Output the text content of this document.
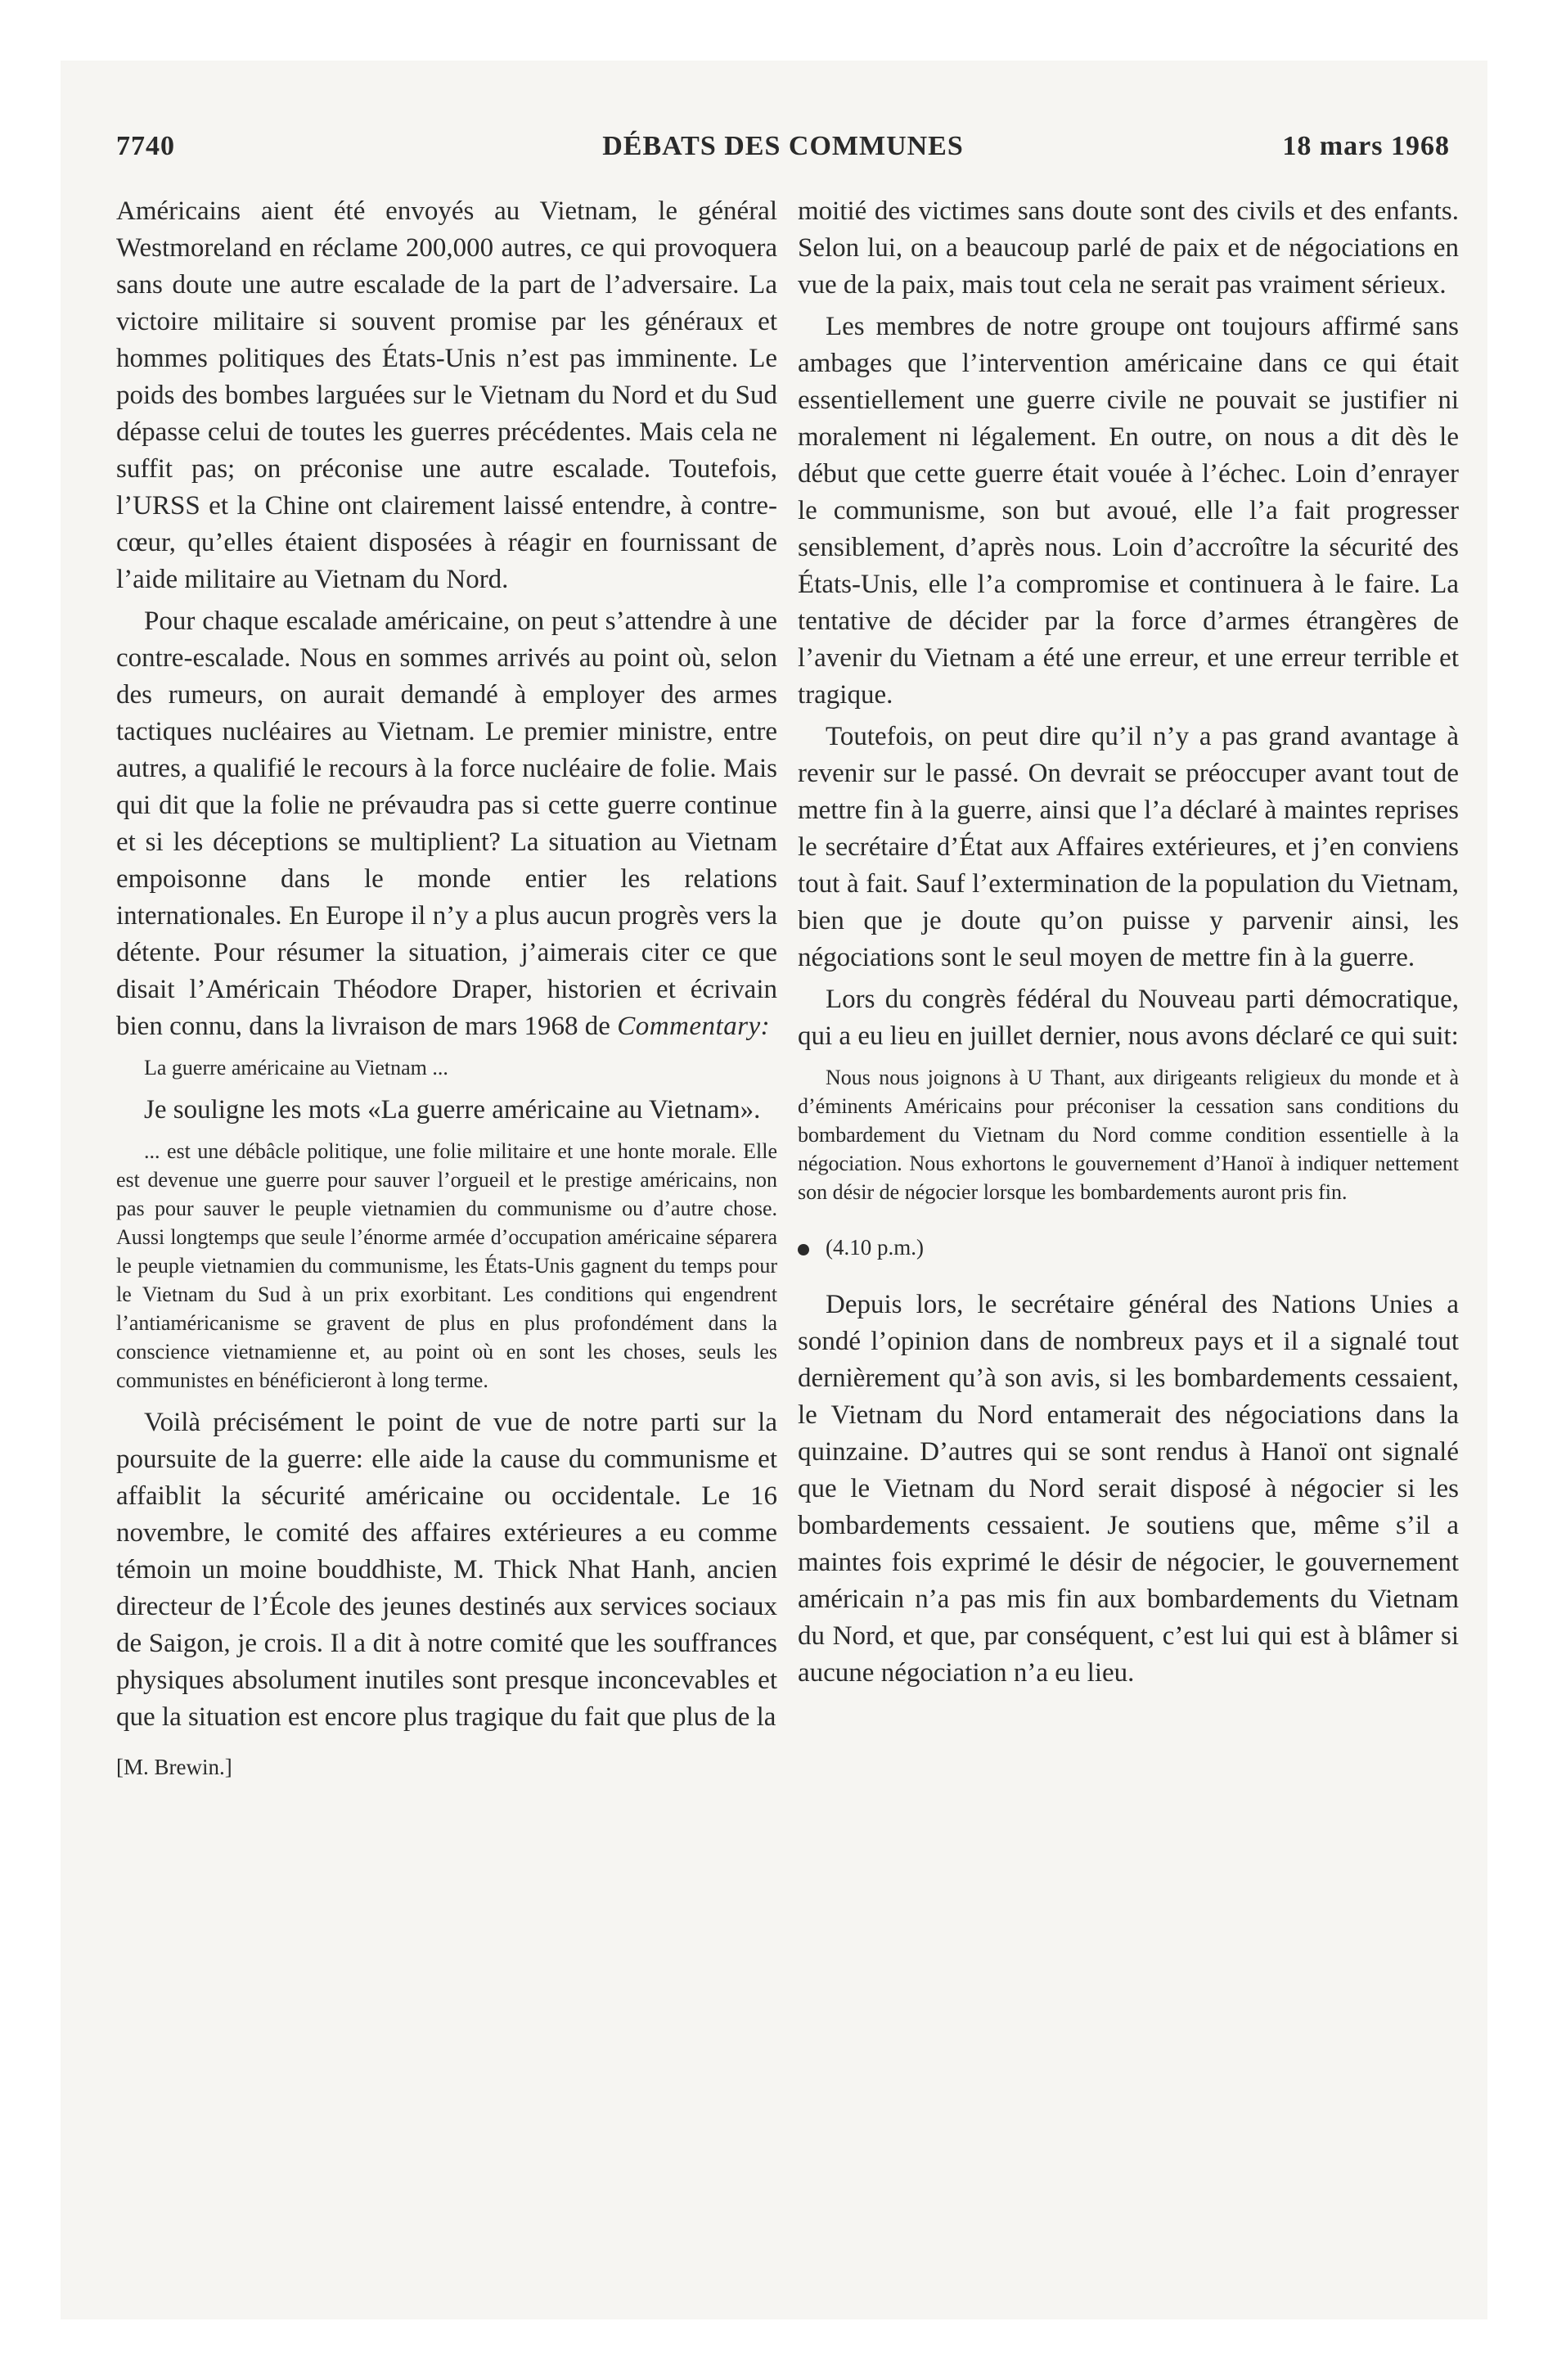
7740	DÉBATS DES COMMUNES	18 mars 1968

Américains aient été envoyés au Vietnam, le général Westmoreland en réclame 200,000 autres, ce qui provoquera sans doute une autre escalade de la part de l’adversaire. La victoire militaire si souvent promise par les généraux et hommes politiques des États-Unis n’est pas imminente. Le poids des bombes larguées sur le Vietnam du Nord et du Sud dépasse celui de toutes les guerres précédentes. Mais cela ne suffit pas; on préconise une autre escalade. Toutefois, l’URSS et la Chine ont clairement laissé entendre, à contre-cœur, qu’elles étaient disposées à réagir en fournissant de l’aide militaire au Vietnam du Nord.

Pour chaque escalade américaine, on peut s’attendre à une contre-escalade. Nous en sommes arrivés au point où, selon des rumeurs, on aurait demandé à employer des armes tactiques nucléaires au Vietnam. Le premier ministre, entre autres, a qualifié le recours à la force nucléaire de folie. Mais qui dit que la folie ne prévaudra pas si cette guerre continue et si les déceptions se multiplient? La situation au Vietnam empoisonne dans le monde entier les relations internationales. En Europe il n’y a plus aucun progrès vers la détente. Pour résumer la situation, j’aimerais citer ce que disait l’Américain Théodore Draper, historien et écrivain bien connu, dans la livraison de mars 1968 de Commentary:

La guerre américaine au Vietnam ...

Je souligne les mots «La guerre américaine au Vietnam».

... est une débâcle politique, une folie militaire et une honte morale. Elle est devenue une guerre pour sauver l’orgueil et le prestige américains, non pas pour sauver le peuple vietnamien du communisme ou d’autre chose. Aussi longtemps que seule l’énorme armée d’occupation américaine séparera le peuple vietnamien du communisme, les États-Unis gagnent du temps pour le Vietnam du Sud à un prix exorbitant. Les conditions qui engendrent l’antiaméricanisme se gravent de plus en plus profondément dans la conscience vietnamienne et, au point où en sont les choses, seuls les communistes en bénéficieront à long terme.

Voilà précisément le point de vue de notre parti sur la poursuite de la guerre: elle aide la cause du communisme et affaiblit la sécurité américaine ou occidentale. Le 16 novembre, le comité des affaires extérieures a eu comme témoin un moine bouddhiste, M. Thick Nhat Hanh, ancien directeur de l’École des jeunes destinés aux services sociaux de Saigon, je crois. Il a dit à notre comité que les souffrances physiques absolument inutiles sont presque inconcevables et que la situation est encore plus tragique du fait que plus de la

[M. Brewin.]

moitié des victimes sans doute sont des civils et des enfants. Selon lui, on a beaucoup parlé de paix et de négociations en vue de la paix, mais tout cela ne serait pas vraiment sérieux.

Les membres de notre groupe ont toujours affirmé sans ambages que l’intervention américaine dans ce qui était essentiellement une guerre civile ne pouvait se justifier ni moralement ni légalement. En outre, on nous a dit dès le début que cette guerre était vouée à l’échec. Loin d’enrayer le communisme, son but avoué, elle l’a fait progresser sensiblement, d’après nous. Loin d’accroître la sécurité des États-Unis, elle l’a compromise et continuera à le faire. La tentative de décider par la force d’armes étrangères de l’avenir du Vietnam a été une erreur, et une erreur terrible et tragique.

Toutefois, on peut dire qu’il n’y a pas grand avantage à revenir sur le passé. On devrait se préoccuper avant tout de mettre fin à la guerre, ainsi que l’a déclaré à maintes reprises le secrétaire d’État aux Affaires extérieures, et j’en conviens tout à fait. Sauf l’extermination de la population du Vietnam, bien que je doute qu’on puisse y parvenir ainsi, les négociations sont le seul moyen de mettre fin à la guerre.

Lors du congrès fédéral du Nouveau parti démocratique, qui a eu lieu en juillet dernier, nous avons déclaré ce qui suit:

Nous nous joignons à U Thant, aux dirigeants religieux du monde et à d’éminents Américains pour préconiser la cessation sans conditions du bombardement du Vietnam du Nord comme condition essentielle à la négociation. Nous exhortons le gouvernement d’Hanoï à indiquer nettement son désir de négocier lorsque les bombardements auront pris fin.

(4.10 p.m.)

Depuis lors, le secrétaire général des Nations Unies a sondé l’opinion dans de nombreux pays et il a signalé tout dernièrement qu’à son avis, si les bombardements cessaient, le Vietnam du Nord entamerait des négociations dans la quinzaine. D’autres qui se sont rendus à Hanoï ont signalé que le Vietnam du Nord serait disposé à négocier si les bombardements cessaient. Je soutiens que, même s’il a maintes fois exprimé le désir de négocier, le gouvernement américain n’a pas mis fin aux bombardements du Vietnam du Nord, et que, par conséquent, c’est lui qui est à blâmer si aucune négociation n’a eu lieu.
